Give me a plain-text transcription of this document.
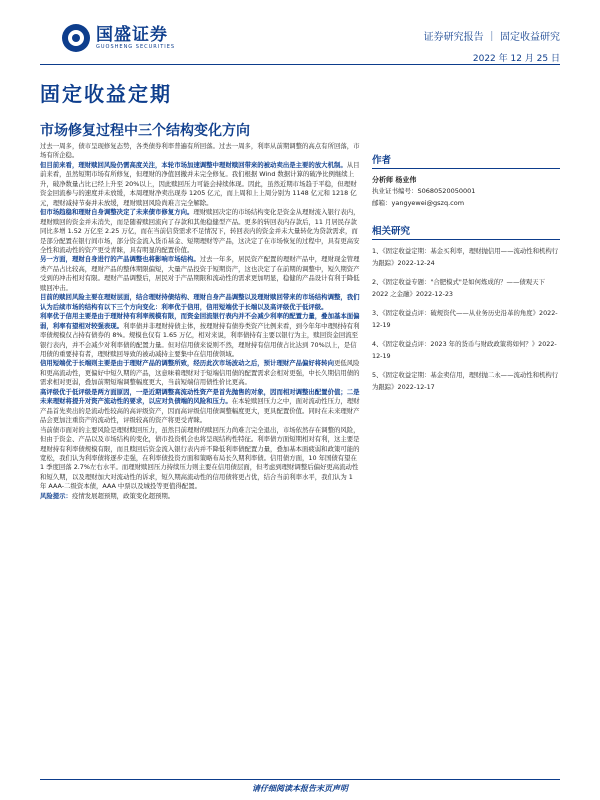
国盛证券
GUOSHENG SECURITIES
证券研究报告 ｜ 固定收益研究
2022 年 12 月 25 日
固定收益定期
市场修复过程中三个结构变化方向

过去一周多，债市呈现修复态势，各类债券利率普遍有所回落。过去一周多，利率从前期调整的高点有所回落，市场有所企稳。

但目前来看，理财赎回风险仍需高度关注，本轮市场加速调整中理财赎回带来的被动卖出是主要的放大机制。从目前来看，虽然短期市场有所修复，但理财的净值回撤并未完全修复。我们根据 Wind 数据计算的破净比例继续上升，破净数量占比已经上升至 20%以上，因此赎回压力可能会持续体现。因此，虽然近期市场趋于平稳，但理财资金回流参与的速度并未放缓，本周理财净卖出现券 1205 亿元，而上周和上上周分别为 1148 亿元和 1218 亿元，理财减持节奏并未放缓，理财赎回风险尚难言完全解除。

但市场趋稳和理财自身调整决定了未来债市修复方向。理财赎回决定的市场结构变化是资金从理财流入银行表内，理财赎回的资金并未消失，而是随着赎回流向了存款和其他稳健型产品。更多的转回表内存款后，11 月居民存款同比多增 1.52 万亿至 2.25 万亿，而在当前信贷需求不足情况下，转回表内的资金并未大量转化为贷款需求，而是部分配置在银行间市场，部分资金流入货币基金、短期理财等产品，这决定了在市场恢复的过程中，具有更高安全性和流动性的资产更受青睐，具有明显的配置价值。

另一方面，理财自身进行的产品调整也将影响市场结构。过去一年多，居民资产配置的理财产品中，理财现金管理类产品占比较高，理财产品的整体期限偏短，大量产品投资于短期资产，这也决定了在前期的调整中，短久期资产受到的冲击相对有限。理财产品调整后，居民对于产品期限和流动性的需求更加明显，稳健的产品设计有利于降低赎回冲击。

目前的赎回风险主要在理财层面，结合理财持债结构、理财自身产品调整以及理财赎回带来的市场结构调整，我们认为后续市场的结构有以下三个方向变化：利率优于信用，信用短端优于长端以及高评级优于低评级。

利率优于信用主要是由于理财持有利率规模有限，而资金回流银行表内并不会减少利率的配置力量，叠加基本面偏弱，利率有望相对较强表现。利率债并非理财持债主体，按理财持有债券类资产比例来看，到今年年中理财持有利率债规模仅占持有债券的 8%。规模也仅有 1.65 万亿，相对来说，利率债持有主要以银行为主，赎回资金回流至银行表内，并不会减少对利率债的配置力量。但对信用债来说则不然，理财持有信用债占比达到 70%以上，是信用债的重要持有者，理财赎回导致的被动减持主要集中在信用债领域。

信用短端优于长端则主要是由于理财产品的调整所致，经历此次市场波动之后，预计理财产品偏好将转向更低风险和更高流动性，更偏好中短久期的产品，这意味着理财对于短端信用债的配置需求会相对更强，中长久期信用债的需求相对更弱，叠加前期短端调整幅度更大，当前短端信用债性价比更高。

高评级优于低评级是两方面原因，一是近期调整高流动性资产是首先抛售的对象，因而相对调整出配置价值；二是未来理财将提升对资产流动性的要求，以应对负债端的风险和压力。在本轮赎回压力之中，面对流动性压力，理财产品首先卖出的是流动性较高的高评级资产，因而高评级信用债调整幅度更大，更具配置价值。同时在未来理财产品会更加注重资产的流动性，评级较高的资产将更受青睐。

当前债市面对的主要风险是理财赎回压力，虽然目前理财的赎回压力尚难言完全退出，市场依然存在调整的风险，但由于资金、产品以及市场结构的变化，债市投资机会也将呈现结构性特征。利率债方面短期相对有利，这主要是理财持有利率债规模有限，而且赎回后资金流入银行表内并不降低利率债配置力量，叠加基本面疲弱和政策可能的宽松，我们认为利率债将逐步走强，在利率债投资方面和策略布局长久期利率债。信用债方面，10 年国债有望在 1 季度回落 2.7%左右水平。而理财赎回压力持续压力则主要在信用债层面，但考虑到理财调整后偏好更高流动性和短久期，以及理财加大对流动性的诉求，短久期高流动性的信用债将更占优，结合当前利率水平，我们认为 1 年 AAA-二级资本债，AAA 中票以及城投等更值得配置。

风险提示：疫情发展超预期，政策变化超预期。

作者
分析师 杨业伟
执业证书编号：S0680520050001
邮箱：yangyewei@gszq.com
相关研究
1、《固定收益定期：基金买利率，理财抛信用——流动性和机构行为跟踪》2022-12-24
2、《固定收益专题："合肥模式"是如何炼成的？——债观天下 2022 之金融》2022-12-23
3、《固定收益点评：破规资代——从业务历史沿革的角度》2022-12-19
4、《固定收益点评：2023 年的货币与财政政策将如何？》2022-12-19
5、《固定收益定期：基金卖信用，理财抛二永——流动性和机构行为跟踪》2022-12-17
请仔细阅读本报告末页声明
